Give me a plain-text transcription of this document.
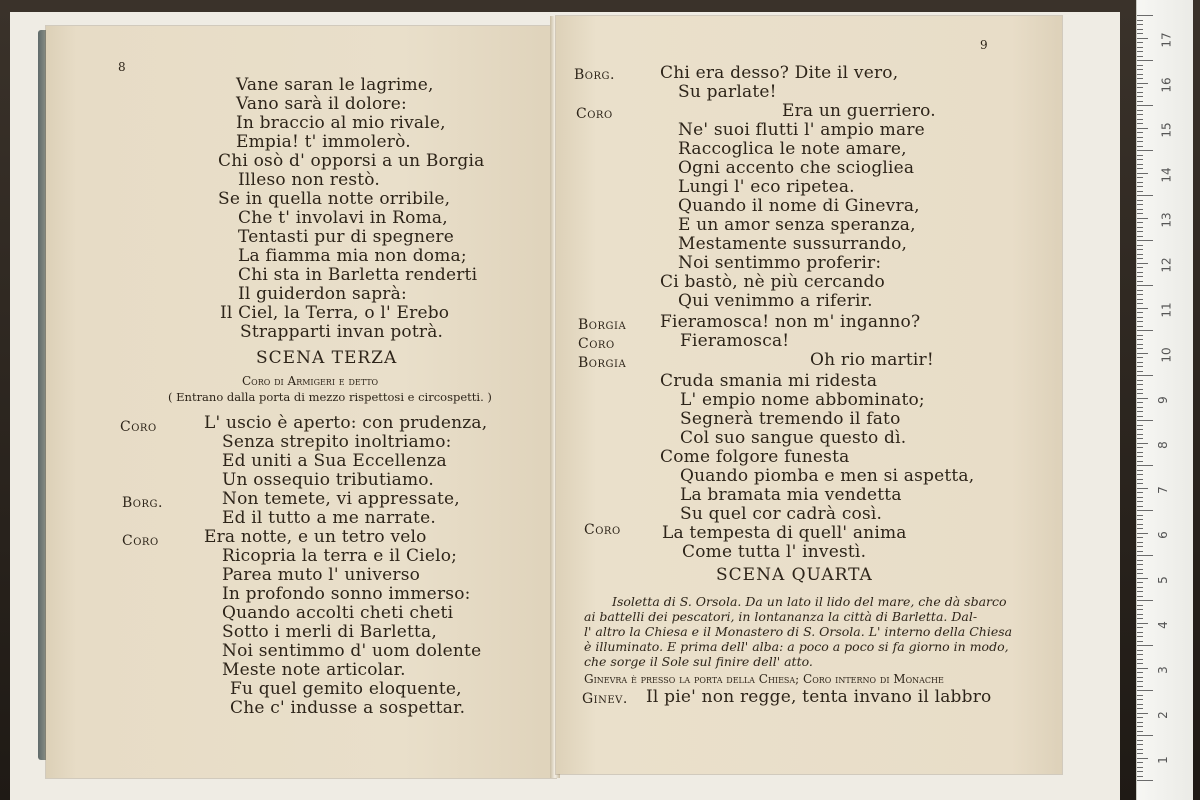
8
Vane saran le lagrime,
Vano sarà il dolore:
In braccio al mio rivale,
Empia! t' immolerò.
Chi osò d' opporsi a un Borgia
Illeso non restò.
Se in quella notte orribile,
Che t' involavi in Roma,
Tentasti pur di spegnere
La fiamma mia non doma;
Chi sta in Barletta renderti
Il guiderdon saprà:
Il Ciel, la Terra, o l' Erebo
Strapparti invan potrà.
SCENA TERZA
Coro di Armigeri e detto
( Entrano dalla porta di mezzo rispettosi e circospetti. )
Coro
Borg.
Coro
L' uscio è aperto: con prudenza,
Senza strepito inoltriamo:
Ed uniti a Sua Eccellenza
Un ossequio tributiamo.
Non temete, vi appressate,
Ed il tutto a me narrate.
Era notte, e un tetro velo
Ricopria la terra e il Cielo;
Parea muto l' universo
In profondo sonno immerso:
Quando accolti cheti cheti
Sotto i merli di Barletta,
Noi sentimmo d' uom dolente
Meste note articolar.
Fu quel gemito eloquente,
Che c' indusse a sospettar.
9
Borg.
Coro
Borgia
Coro
Borgia
Coro
Chi era desso? Dite il vero,
Su parlate!
Era un guerriero.
Ne' suoi flutti l' ampio mare
Raccoglica le note amare,
Ogni accento che sciogliea
Lungi l' eco ripetea.
Quando il nome di Ginevra,
E un amor senza speranza,
Mestamente sussurrando,
Noi sentimmo proferir:
Ci bastò, nè più cercando
Qui venimmo a riferir.
Fieramosca! non m' inganno?
Fieramosca!
Oh rio martir!
Cruda smania mi ridesta
L' empio nome abbominato;
Segnerà tremendo il fato
Col suo sangue questo dì.
Come folgore funesta
Quando piomba e men si aspetta,
La bramata mia vendetta
Su quel cor cadrà così.
La tempesta di quell' anima
Come tutta l' investì.
SCENA QUARTA
Isoletta di S. Orsola. Da un lato il lido del mare, che dà sbarco
ai battelli dei pescatori, in lontananza la città di Barletta. Dal-
l' altro la Chiesa e il Monastero di S. Orsola. L' interno della Chiesa
è illuminato. E prima dell' alba: a poco a poco si fa giorno in modo,
che sorge il Sole sul finire dell' atto.
Ginevra è presso la porta della Chiesa; Coro interno di Monache
Ginev. Il pie' non regge, tenta invano il labbro
1
2
3
4
5
6
7
8
9
10
11
12
13
14
15
16
17
